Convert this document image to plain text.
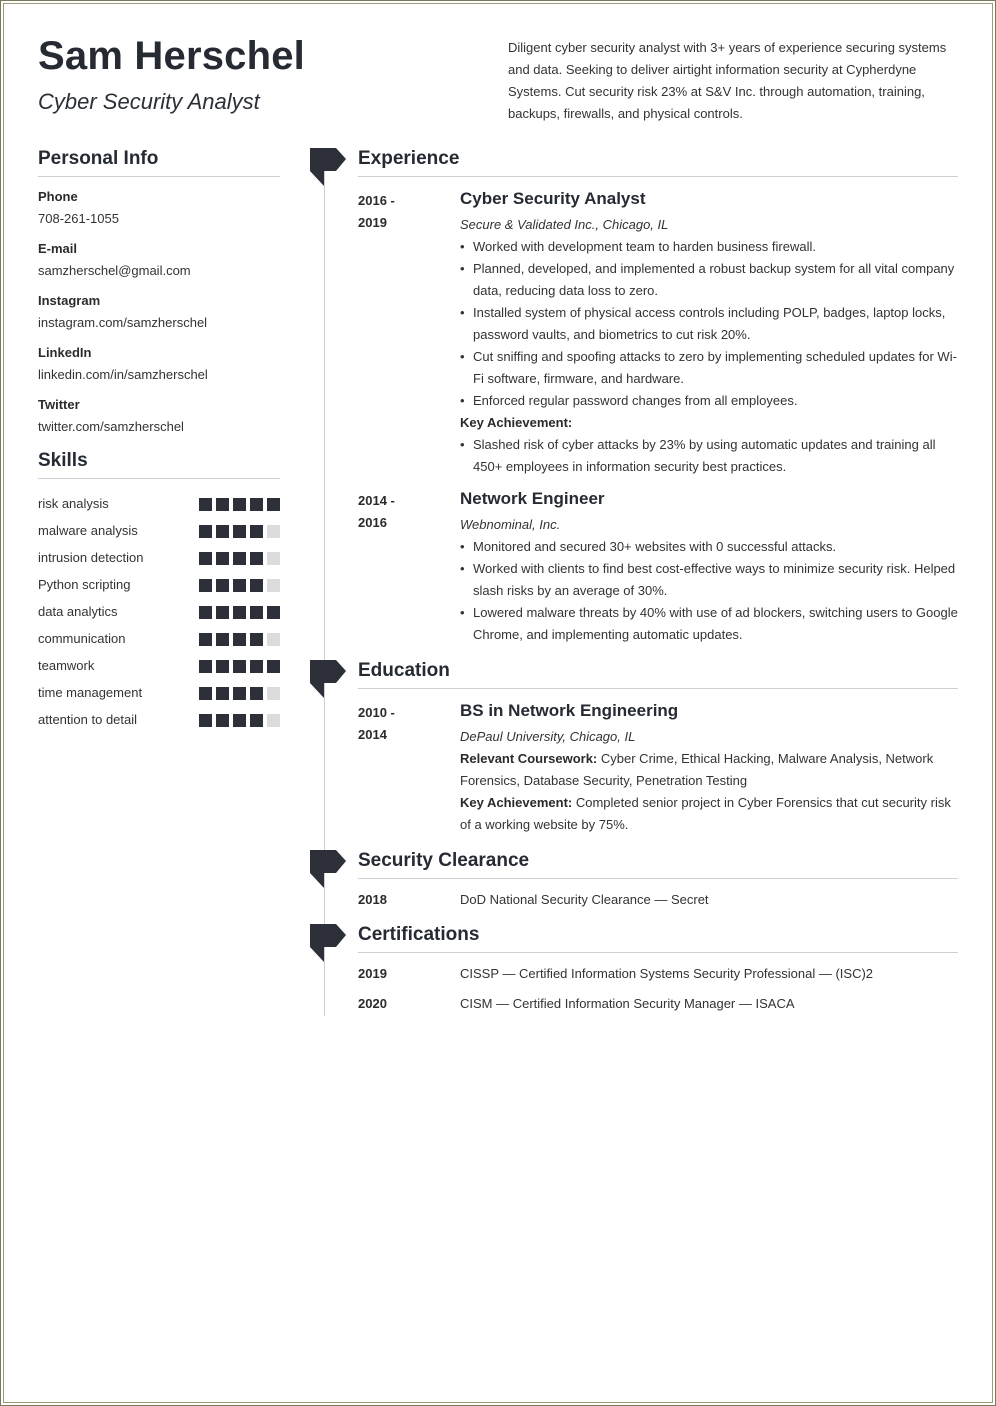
Sam Herschel
Cyber Security Analyst
Diligent cyber security analyst with 3+ years of experience securing systems and data. Seeking to deliver airtight information security at Cypherdyne Systems. Cut security risk 23% at S&V Inc. through automation, training, backups, firewalls, and physical controls.
Personal Info
Phone
708-261-1055
E-mail
samzherschel@gmail.com
Instagram
instagram.com/samzherschel
LinkedIn
linkedin.com/in/samzherschel
Twitter
twitter.com/samzherschel
Skills
risk analysis
malware analysis
intrusion detection
Python scripting
data analytics
communication
teamwork
time management
attention to detail
Experience
2016 -
2019
Cyber Security Analyst
Secure & Validated Inc., Chicago, IL
• Worked with development team to harden business firewall.
• Planned, developed, and implemented a robust backup system for all vital company data, reducing data loss to zero.
• Installed system of physical access controls including POLP, badges, laptop locks, password vaults, and biometrics to cut risk 20%.
• Cut sniffing and spoofing attacks to zero by implementing scheduled updates for Wi-Fi software, firmware, and hardware.
• Enforced regular password changes from all employees.
Key Achievement:
• Slashed risk of cyber attacks by 23% by using automatic updates and training all 450+ employees in information security best practices.
2014 -
2016
Network Engineer
Webnominal, Inc.
• Monitored and secured 30+ websites with 0 successful attacks.
• Worked with clients to find best cost-effective ways to minimize security risk. Helped slash risks by an average of 30%.
• Lowered malware threats by 40% with use of ad blockers, switching users to Google Chrome, and implementing automatic updates.
Education
2010 -
2014
BS in Network Engineering
DePaul University, Chicago, IL
Relevant Coursework: Cyber Crime, Ethical Hacking, Malware Analysis, Network Forensics, Database Security, Penetration Testing
Key Achievement: Completed senior project in Cyber Forensics that cut security risk of a working website by 75%.
Security Clearance
2018	DoD National Security Clearance — Secret
Certifications
2019	CISSP — Certified Information Systems Security Professional — (ISC)2
2020	CISM — Certified Information Security Manager — ISACA
